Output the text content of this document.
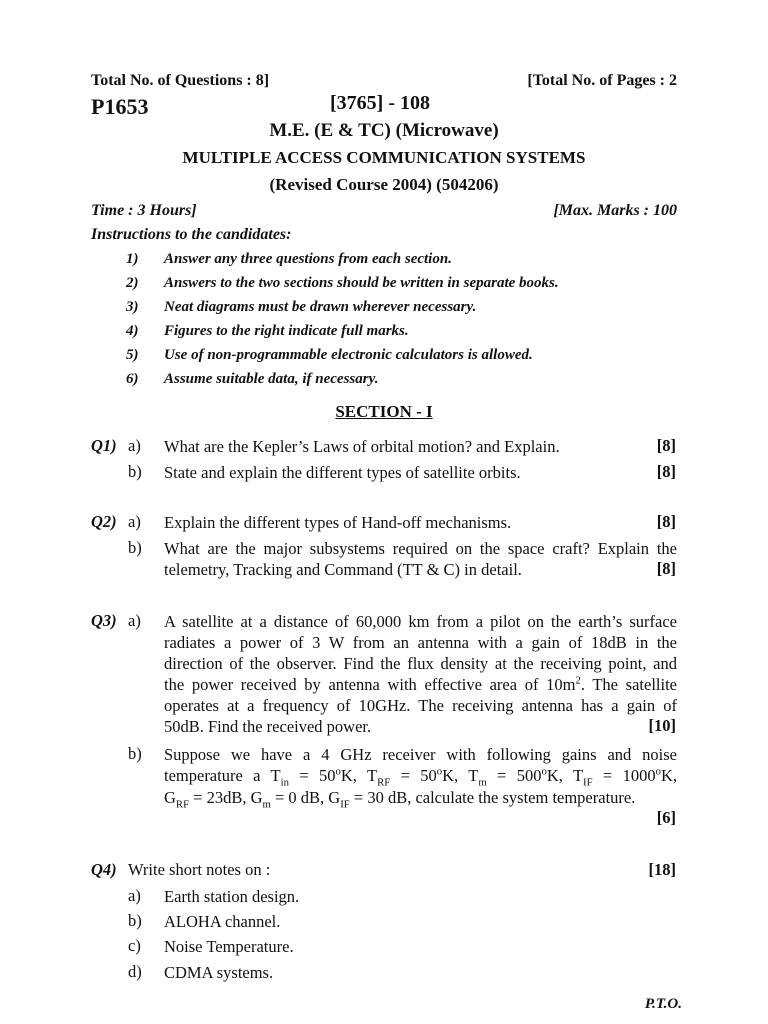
Total No. of Questions : 8]	[Total No. of Pages : 2
P1653	[3765] - 108
M.E. (E & TC) (Microwave)
MULTIPLE ACCESS COMMUNICATION SYSTEMS
(Revised Course 2004) (504206)
Time : 3 Hours]	[Max. Marks : 100
Instructions to the candidates:
1) Answer any three questions from each section.
2) Answers to the two sections should be written in separate books.
3) Neat diagrams must be drawn wherever necessary.
4) Figures to the right indicate full marks.
5) Use of non-programmable electronic calculators is allowed.
6) Assume suitable data, if necessary.
SECTION - I
Q1) a) What are the Kepler’s Laws of orbital motion? and Explain.	[8]
b) State and explain the different types of satellite orbits.	[8]
Q2) a) Explain the different types of Hand-off mechanisms.	[8]
b) What are the major subsystems required on the space craft? Explain the
telemetry, Tracking and Command (TT & C) in detail.	[8]
Q3) a) A satellite at a distance of 60,000 km from a pilot on the earth’s surface
radiates a power of 3 W from an antenna with a gain of 18dB in the
direction of the observer. Find the flux density at the receiving point, and
the power received by antenna with effective area of $10m^2$. The satellite
operates at a frequency of 10GHz. The receiving antenna has a gain of
50dB. Find the received power.	[10]
b) Suppose we have a 4 GHz receiver with following gains and noise
temperature a $T_{in} = 50^oK$, $T_{RF} = 50^oK$, $T_m = 500^oK$, $T_{IF} = 1000^oK$,
$G_{RF} = 23dB$, $G_m = 0$ dB, $G_{IF} = 30$ dB, calculate the system temperature.
[6]
Q4) Write short notes on :	[18]
a) Earth station design.
b) ALOHA channel.
c) Noise Temperature.
d) CDMA systems.
P.T.O.
